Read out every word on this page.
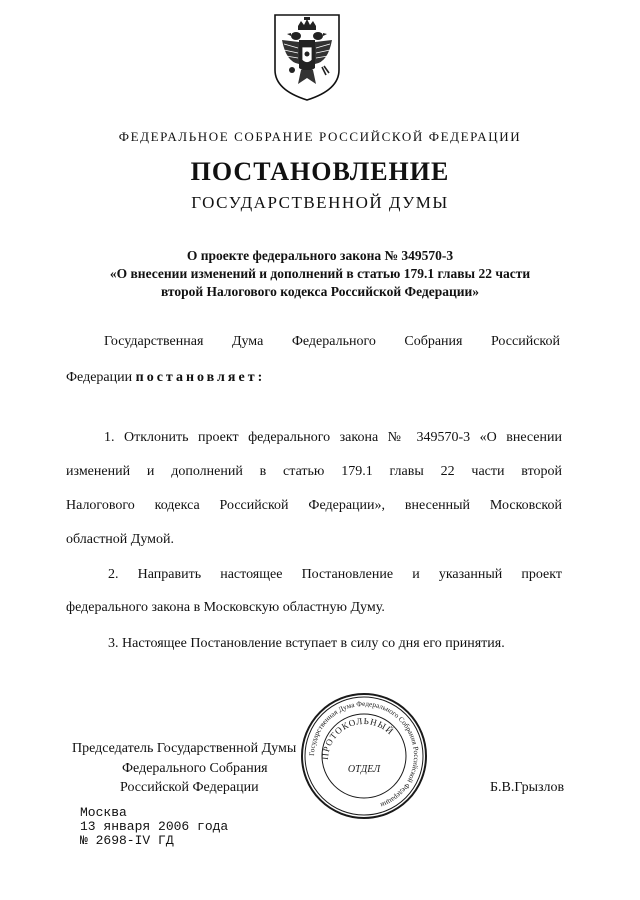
ФЕДЕРАЛЬНОЕ СОБРАНИЕ РОССИЙСКОЙ ФЕДЕРАЦИИ
ПОСТАНОВЛЕНИЕ
ГОСУДАРСТВЕННОЙ ДУМЫ
О проекте федерального закона № 349570-3
«О внесении изменений и дополнений в статью 179.1 главы 22 части
второй Налогового кодекса Российской Федерации»
Государственная Дума Федерального Собрания Российской
Федерации постановляет:
1. Отклонить проект федерального закона № 349570-3 «О внесении
изменений и дополнений в статью 179.1 главы 22 части второй
Налогового кодекса Российской Федерации», внесенный Московской
областной Думой.
2. Направить настоящее Постановление и указанный проект
федерального закона в Московскую областную Думу.
3. Настоящее Постановление вступает в силу со дня его принятия.
Государственная Дума Федерального Собрания Российской Федерации
ПРОТОКОЛЬНЫЙ
ОТДЕЛ
Председатель Государственной Думы
Федерального Собрания
Российской Федерации	Б.В.Грызлов
Москва
13 января 2006 года
№ 2698-IV ГД
